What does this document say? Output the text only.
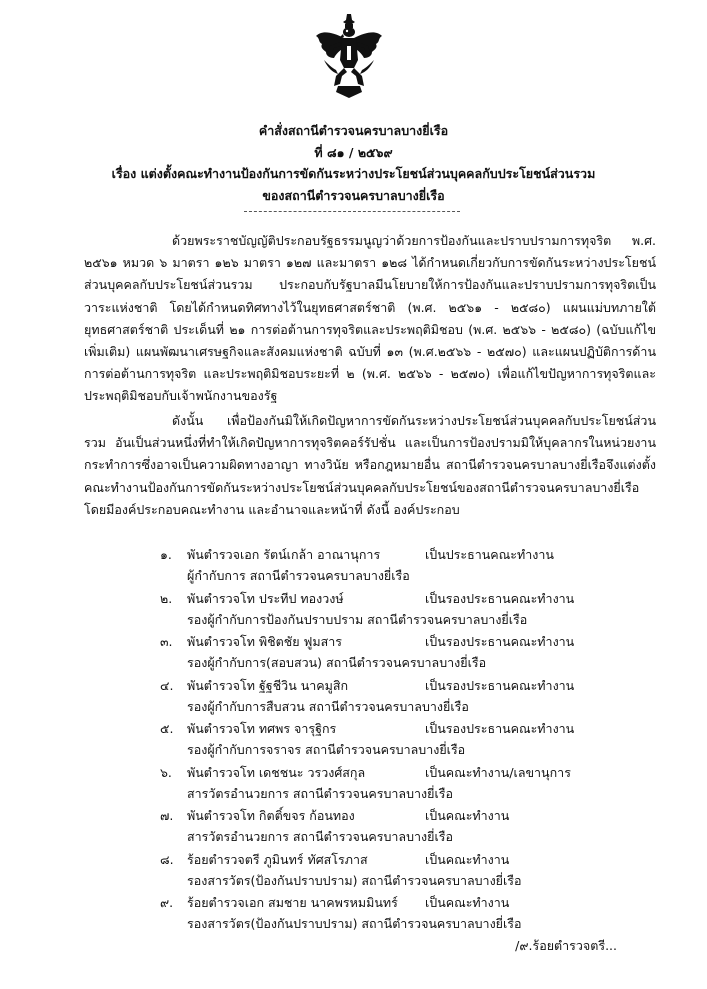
คำสั่งสถานีตำรวจนครบาลบางยี่เรือ
ที่ ๘๑ / ๒๕๖๙
เรื่อง แต่งตั้งคณะทำงานป้องกันการขัดกันระหว่างประโยชน์ส่วนบุคคลกับประโยชน์ส่วนรวม
ของสถานีตำรวจนครบาลบางยี่เรือ
ด้วยพระราชบัญญัติประกอบรัฐธรรมนูญว่าด้วยการป้องกันและปราบปรามการทุจริต พ.ศ. ๒๕๖๑ หมวด ๖ มาตรา ๑๒๖ มาตรา ๑๒๗ และมาตรา ๑๒๘ ได้กำหนดเกี่ยวกับการขัดกันระหว่างประโยชน์ส่วนบุคคลกับประโยชน์ส่วนรวม ประกอบกับรัฐบาลมีนโยบายให้การป้องกันและปราบปรามการทุจริตเป็นวาระแห่งชาติ โดยได้กำหนดทิศทางไว้ในยุทธศาสตร์ชาติ (พ.ศ. ๒๕๖๑ - ๒๕๘๐) แผนแม่บทภายใต้ยุทธศาสตร์ชาติ ประเด็นที่ ๒๑ การต่อต้านการทุจริตและประพฤติมิชอบ (พ.ศ. ๒๕๖๖ - ๒๕๘๐) (ฉบับแก้ไขเพิ่มเติม) แผนพัฒนาเศรษฐกิจและสังคมแห่งชาติ ฉบับที่ ๑๓ (พ.ศ.๒๕๖๖ - ๒๕๗๐) และแผนปฏิบัติการด้านการต่อต้านการทุจริต และประพฤติมิชอบระยะที่ ๒ (พ.ศ. ๒๕๖๖ - ๒๕๗๐) เพื่อแก้ไขปัญหาการทุจริตและประพฤติมิชอบกับเจ้าพนักงานของรัฐ
ดังนั้น เพื่อป้องกันมิให้เกิดปัญหาการขัดกันระหว่างประโยชน์ส่วนบุคคลกับประโยชน์ส่วนรวม อันเป็นส่วนหนึ่งที่ทำให้เกิดปัญหาการทุจริตคอร์รัปชั่น และเป็นการป้องปรามมิให้บุคลากรในหน่วยงานกระทำการซึ่งอาจเป็นความผิดทางอาญา ทางวินัย หรือกฎหมายอื่น สถานีตำรวจนครบาลบางยี่เรือจึงแต่งตั้งคณะทำงานป้องกันการขัดกันระหว่างประโยชน์ส่วนบุคคลกับประโยชน์ของสถานีตำรวจนครบาลบางยี่เรือ โดยมีองค์ประกอบคณะทำงาน และอำนาจและหน้าที่ ดังนี้ องค์ประกอบ
๑.	พันตำรวจเอก รัตน์เกล้า อาณานุการ	เป็นประธานคณะทำงาน
ผู้กำกับการ สถานีตำรวจนครบาลบางยี่เรือ
๒.	พันตำรวจโท ประทีป ทองวงษ์	เป็นรองประธานคณะทำงาน
รองผู้กำกับการป้องกันปราบปราม สถานีตำรวจนครบาลบางยี่เรือ
๓.	พันตำรวจโท พิชิตชัย ฟูมสาร	เป็นรองประธานคณะทำงาน
รองผู้กำกับการ(สอบสวน) สถานีตำรวจนครบาลบางยี่เรือ
๔.	พันตำรวจโท ฐัฐชีวิน นาคมูสิก	เป็นรองประธานคณะทำงาน
รองผู้กำกับการสืบสวน สถานีตำรวจนครบาลบางยี่เรือ
๕.	พันตำรวจโท ทศพร จารุฐิกร	เป็นรองประธานคณะทำงาน
รองผู้กำกับการจราจร สถานีตำรวจนครบาลบางยี่เรือ
๖.	พันตำรวจโท เดชชนะ วรวงศ์สกุล	เป็นคณะทำงาน/เลขานุการ
สารวัตรอำนวยการ สถานีตำรวจนครบาลบางยี่เรือ
๗.	พันตำรวจโท กิตติ์ขจร ก้อนทอง	เป็นคณะทำงาน
สารวัตรอำนวยการ สถานีตำรวจนครบาลบางยี่เรือ
๘.	ร้อยตำรวจตรี ภูมินทร์ ทัศสโรภาส	เป็นคณะทำงาน
รองสารวัตร(ป้องกันปราบปราม) สถานีตำรวจนครบาลบางยี่เรือ
๙.	ร้อยตำรวจเอก สมชาย นาคพรหมมินทร์ เป็นคณะทำงาน
รองสารวัตร(ป้องกันปราบปราม) สถานีตำรวจนครบาลบางยี่เรือ
/๙.ร้อยตำรวจตรี...
